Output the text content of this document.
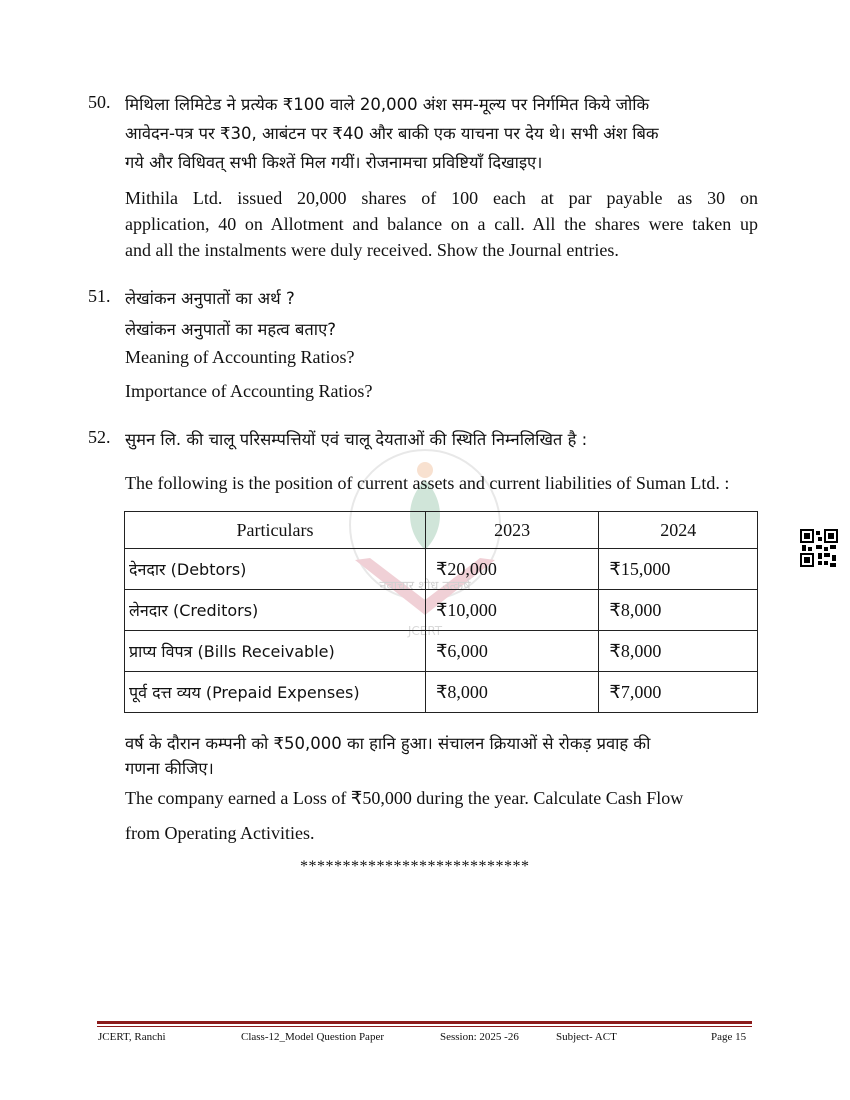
नवाचार शोध उत्कर्ष
JCERT
50. मिथिला लिमिटेड ने प्रत्येक ₹100 वाले 20,000 अंश सम-मूल्य पर निर्गमित किये जोकि
आवेदन-पत्र पर ₹30, आबंटन पर ₹40 और बाकी एक याचना पर देय थे। सभी अंश बिक
गये और विधिवत् सभी किश्तें मिल गयीं। रोजनामचा प्रविष्टियाँ दिखाइए।
Mithila Ltd. issued 20,000 shares of 100 each at par payable as 30 on
application, 40 on Allotment and balance on a call. All the shares were taken up
and all the instalments were duly received. Show the Journal entries.
51. लेखांकन अनुपातों का अर्थ ?
लेखांकन अनुपातों का महत्व बताए?
Meaning of Accounting Ratios?
Importance of Accounting Ratios?
52. सुमन लि. की चालू परिसम्पत्तियों एवं चालू देयताओं की स्थिति निम्नलिखित है :
The following is the position of current assets and current liabilities of Suman Ltd. :
Particulars	2023	2024
देनदार (Debtors)	₹20,000	₹15,000
लेनदार (Creditors)	₹10,000	₹8,000
प्राप्य विपत्र (Bills Receivable)	₹6,000	₹8,000
पूर्व दत्त व्यय (Prepaid Expenses)	₹8,000	₹7,000
वर्ष के दौरान कम्पनी को ₹50,000 का हानि हुआ। संचालन क्रियाओं से रोकड़ प्रवाह की
गणना कीजिए।
The company earned a Loss of ₹50,000 during the year. Calculate Cash Flow
from Operating Activities.
***************************
JCERT, Ranchi	Class-12_Model Question Paper	Session: 2025 -26	Subject- ACT	Page 15
